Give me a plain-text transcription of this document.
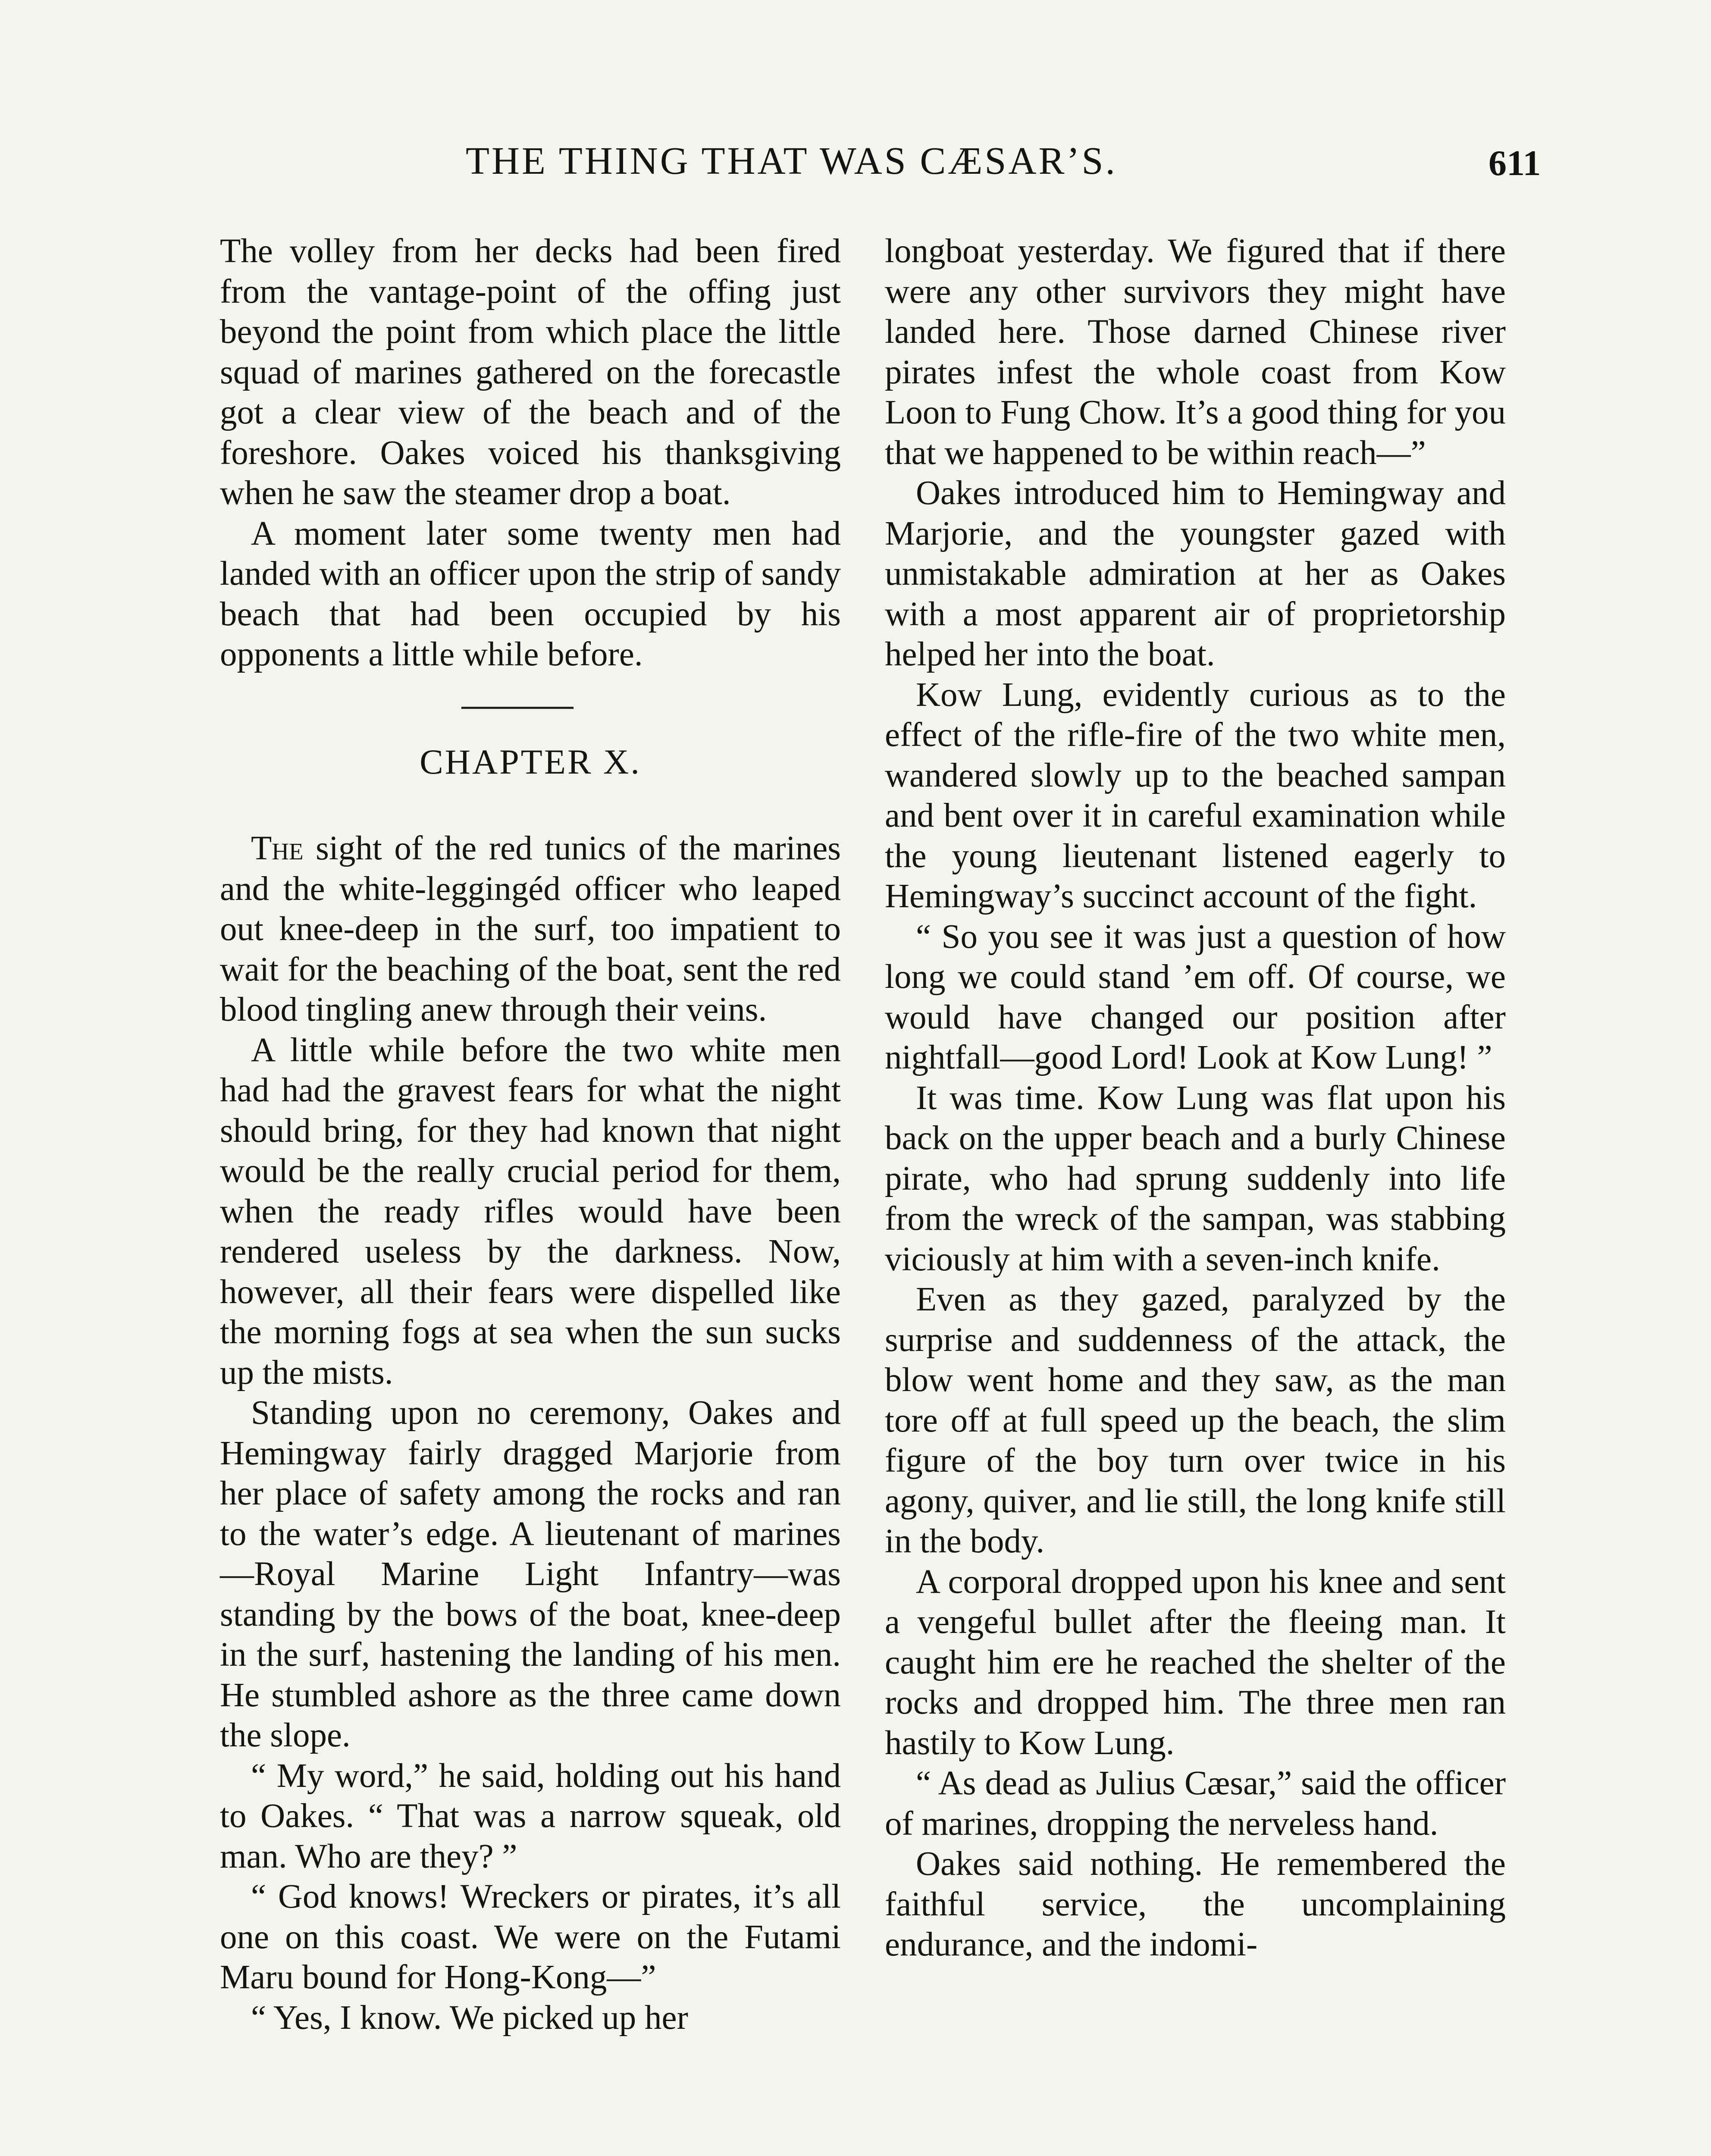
THE THING THAT WAS CÆSAR’S.	611

The volley from her decks had been fired from the vantage-point of the offing just beyond the point from which place the little squad of marines gathered on the forecastle got a clear view of the beach and of the foreshore. Oakes voiced his thanksgiving when he saw the steamer drop a boat.

A moment later some twenty men had landed with an officer upon the strip of sandy beach that had been occupied by his opponents a little while before.

CHAPTER X.

The sight of the red tunics of the marines and the white-leggingéd officer who leaped out knee-deep in the surf, too impatient to wait for the beaching of the boat, sent the red blood tingling anew through their veins.

A little while before the two white men had had the gravest fears for what the night should bring, for they had known that night would be the really crucial period for them, when the ready rifles would have been rendered useless by the darkness. Now, however, all their fears were dispelled like the morning fogs at sea when the sun sucks up the mists.

Standing upon no ceremony, Oakes and Hemingway fairly dragged Marjorie from her place of safety among the rocks and ran to the water’s edge. A lieutenant of marines—Royal Marine Light Infantry—was standing by the bows of the boat, knee-deep in the surf, hastening the landing of his men. He stumbled ashore as the three came down the slope.

“ My word,” he said, holding out his hand to Oakes. “ That was a narrow squeak, old man. Who are they? ”

“ God knows! Wreckers or pirates, it’s all one on this coast. We were on the Futami Maru bound for Hong-Kong—”

“ Yes, I know. We picked up her

longboat yesterday. We figured that if there were any other survivors they might have landed here. Those darned Chinese river pirates infest the whole coast from Kow Loon to Fung Chow. It’s a good thing for you that we happened to be within reach—”

Oakes introduced him to Hemingway and Marjorie, and the youngster gazed with unmistakable admiration at her as Oakes with a most apparent air of proprietorship helped her into the boat.

Kow Lung, evidently curious as to the effect of the rifle-fire of the two white men, wandered slowly up to the beached sampan and bent over it in careful examination while the young lieutenant listened eagerly to Hemingway’s succinct account of the fight.

“ So you see it was just a question of how long we could stand ’em off. Of course, we would have changed our position after nightfall—good Lord! Look at Kow Lung! ”

It was time. Kow Lung was flat upon his back on the upper beach and a burly Chinese pirate, who had sprung suddenly into life from the wreck of the sampan, was stabbing viciously at him with a seven-inch knife.

Even as they gazed, paralyzed by the surprise and suddenness of the attack, the blow went home and they saw, as the man tore off at full speed up the beach, the slim figure of the boy turn over twice in his agony, quiver, and lie still, the long knife still in the body.

A corporal dropped upon his knee and sent a vengeful bullet after the fleeing man. It caught him ere he reached the shelter of the rocks and dropped him. The three men ran hastily to Kow Lung.

“ As dead as Julius Cæsar,” said the officer of marines, dropping the nerveless hand.

Oakes said nothing. He remembered the faithful service, the uncomplaining endurance, and the indomi-
